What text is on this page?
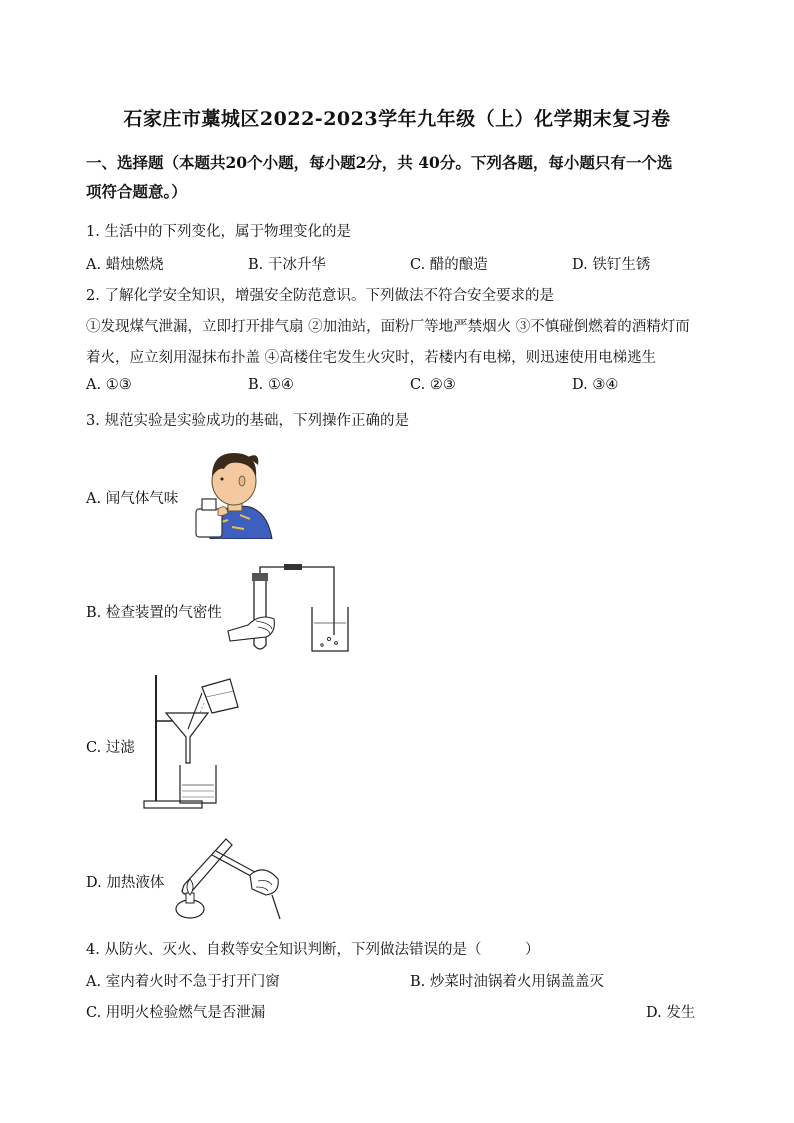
石家庄市藁城区2022-2023学年九年级（上）化学期末复习卷
一、选择题（本题共20个小题，每小题2分，共 40分。下列各题，每小题只有一个选
项符合题意。）
1. 生活中的下列变化，属于物理变化的是
A. 蜡烛燃烧	B. 干冰升华	C. 醋的酿造	D. 铁钉生锈
2. 了解化学安全知识，增强安全防范意识。下列做法不符合安全要求的是
①发现煤气泄漏，立即打开排气扇 ②加油站，面粉厂等地严禁烟火 ③不慎碰倒燃着的酒精灯而
着火，应立刻用湿抹布扑盖 ④高楼住宅发生火灾时，若楼内有电梯，则迅速使用电梯逃生
A. ①③	B. ①④	C. ②③	D. ③④
3. 规范实验是实验成功的基础，下列操作正确的是
A. 闻气体气味
B. 检查装置的气密性
C. 过滤
D. 加热液体
4. 从防火、灭火、自救等安全知识判断，下列做法错误的是（　　　）
A. 室内着火时不急于打开门窗	B. 炒菜时油锅着火用锅盖盖灭
C. 用明火检验燃气是否泄漏	D. 发生
